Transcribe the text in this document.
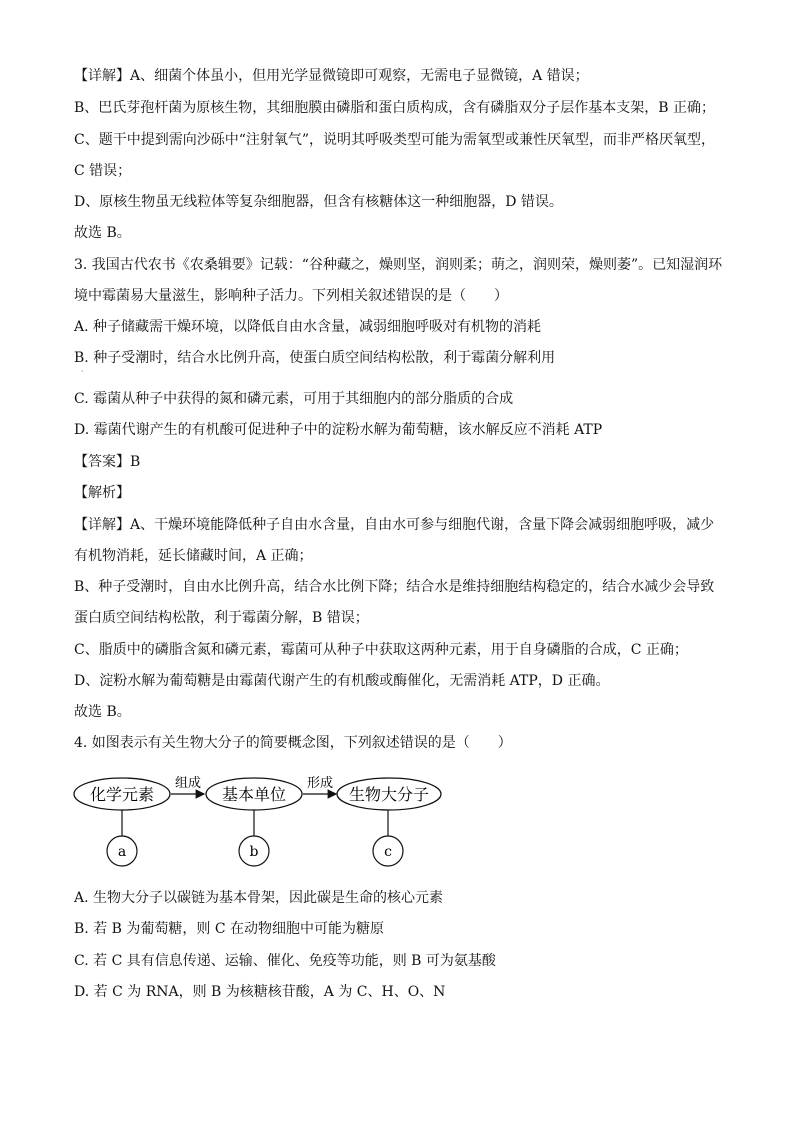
【详解】A、细菌个体虽小，但用光学显微镜即可观察，无需电子显微镜，A 错误；
B、巴氏芽孢杆菌为原核生物，其细胞膜由磷脂和蛋白质构成，含有磷脂双分子层作基本支架，B 正确；
C、题干中提到需向沙砾中“注射氧气”，说明其呼吸类型可能为需氧型或兼性厌氧型，而非严格厌氧型，
C 错误；
D、原核生物虽无线粒体等复杂细胞器，但含有核糖体这一种细胞器，D 错误。
故选 B。
3. 我国古代农书《农桑辑要》记载：“谷种藏之，燥则坚，润则柔；萌之，润则荣，燥则萎”。已知湿润环
境中霉菌易大量滋生，影响种子活力。下列相关叙述错误的是（　　）
A. 种子储藏需干燥环境，以降低自由水含量，减弱细胞呼吸对有机物的消耗
B. 种子受潮时，结合水比例升高，使蛋白质空间结构松散，利于霉菌分解利用
·
C. 霉菌从种子中获得的氮和磷元素，可用于其细胞内的部分脂质的合成
D. 霉菌代谢产生的有机酸可促进种子中的淀粉水解为葡萄糖，该水解反应不消耗 ATP
【答案】B
【解析】
【详解】A、干燥环境能降低种子自由水含量，自由水可参与细胞代谢，含量下降会减弱细胞呼吸，减少
有机物消耗，延长储藏时间，A 正确；
B、种子受潮时，自由水比例升高，结合水比例下降；结合水是维持细胞结构稳定的，结合水减少会导致
蛋白质空间结构松散，利于霉菌分解，B 错误；
C、脂质中的磷脂含氮和磷元素，霉菌可从种子中获取这两种元素，用于自身磷脂的合成，C 正确；
D、淀粉水解为葡萄糖是由霉菌代谢产生的有机酸或酶催化，无需消耗 ATP，D 正确。
故选 B。
4. 如图表示有关生物大分子的简要概念图，下列叙述错误的是（　　）
化学元素	基本单位	生物大分子
组成	形成
a	b	c
A. 生物大分子以碳链为基本骨架，因此碳是生命的核心元素
B. 若 B 为葡萄糖，则 C 在动物细胞中可能为糖原
C. 若 C 具有信息传递、运输、催化、免疫等功能，则 B 可为氨基酸
D. 若 C 为 RNA，则 B 为核糖核苷酸，A 为 C、H、O、N
